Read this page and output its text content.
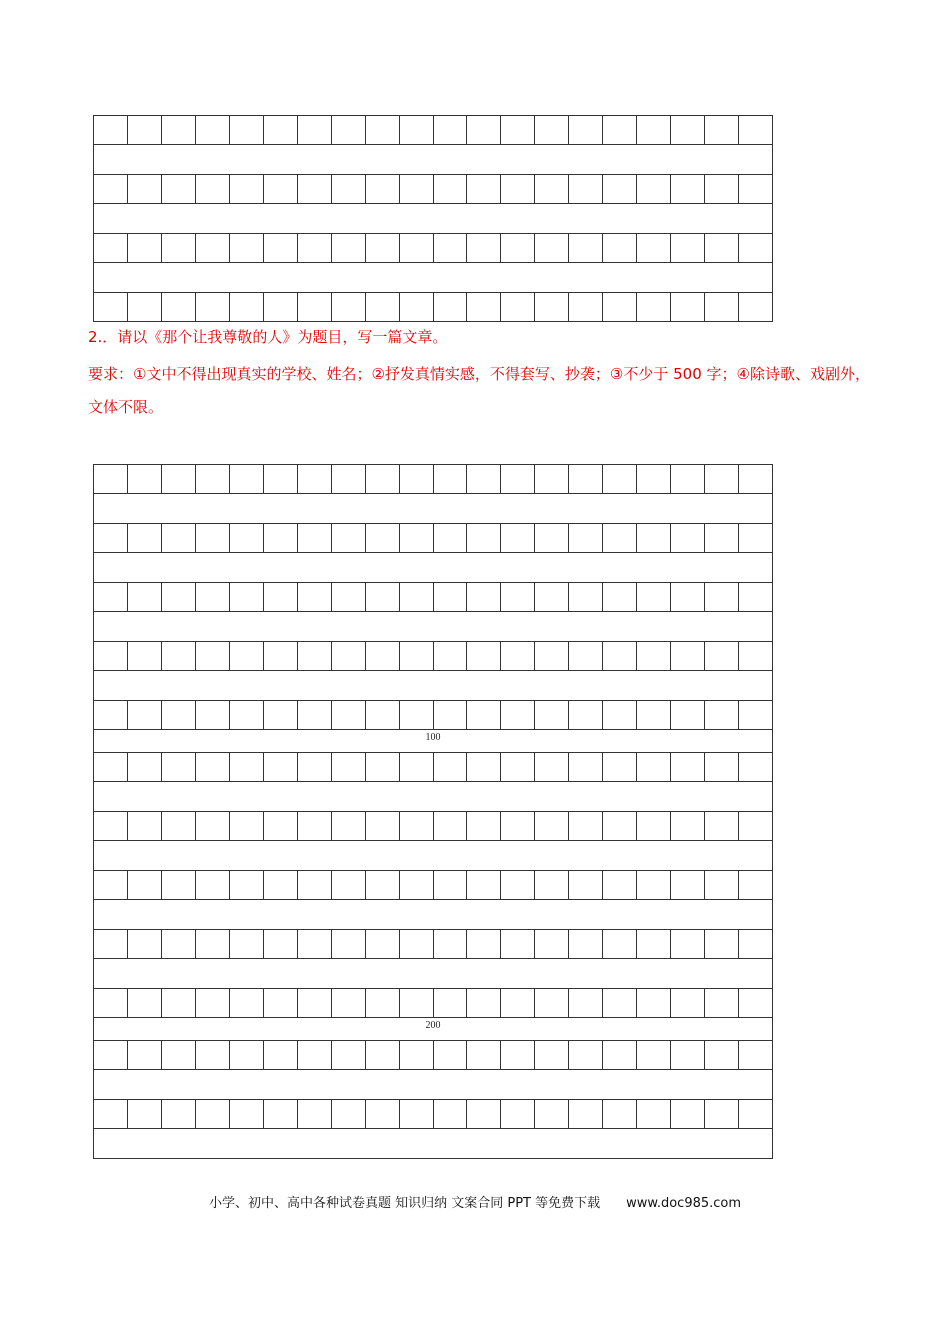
2.．请以《那个让我尊敬的人》为题目，写一篇文章。
要求：①文中不得出现真实的学校、姓名；②抒发真情实感，不得套写、抄袭；③不少于 500 字；④除诗歌、戏剧外，文体不限。
100
200
小学、初中、高中各种试卷真题 知识归纳 文案合同 PPT 等免费下载 www.doc985.com
